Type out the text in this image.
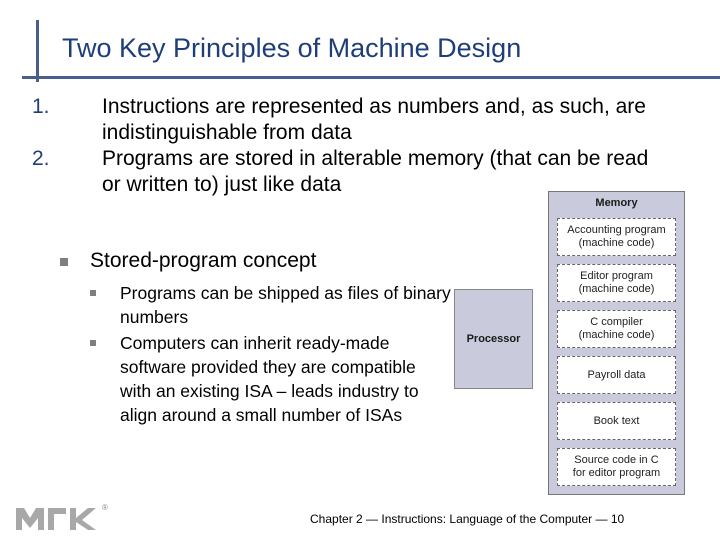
Two Key Principles of Machine Design
1. Instructions are represented as numbers and, as such, are indistinguishable from data
2. Programs are stored in alterable memory (that can be read or written to) just like data
Stored-program concept
Programs can be shipped as files of binary numbers
Computers can inherit ready-made software provided they are compatible with an existing ISA – leads industry to align around a small number of ISAs
Processor
Memory
Accounting program
(machine code)
Editor program
(machine code)
C compiler
(machine code)
Payroll data
Book text
Source code in C
for editor program
®
Chapter 2 — Instructions: Language of the Computer — 10
